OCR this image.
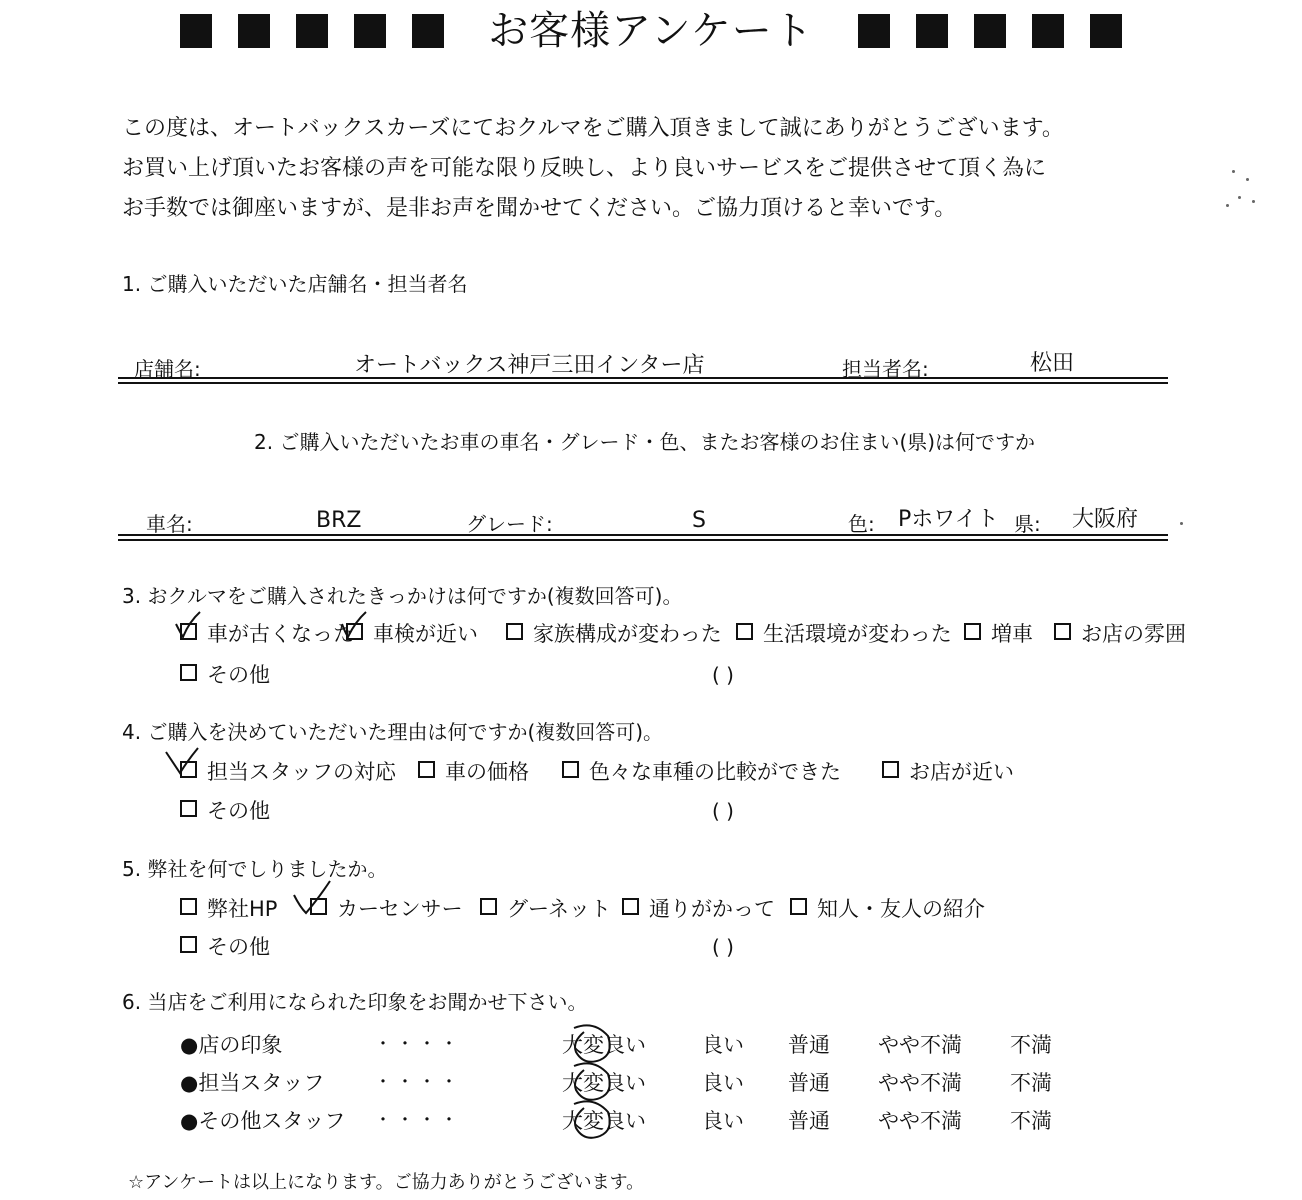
お客様アンケート
この度は、オートバックスカーズにておクルマをご購入頂きまして誠にありがとうございます。
お買い上げ頂いたお客様の声を可能な限り反映し、より良いサービスをご提供させて頂く為に
お手数では御座いますが、是非お声を聞かせてください。ご協力頂けると幸いです。
1. ご購入いただいた店舗名・担当者名
店舗名:	オートバックス神戸三田インター店	担当者名:	松田
2. ご購入いただいたお車の車名・グレード・色、またお客様のお住まい(県)は何ですか
車名:	BRZ	グレード:	S	色: Pホワイト 県: 大阪府
3. おクルマをご購入されたきっかけは何ですか(複数回答可)。
車が古くなった 車検が近い	家族構成が変わった	生活環境が変わった	増車	お店の雰囲
その他	( )
4. ご購入を決めていただいた理由は何ですか(複数回答可)。
担当スタッフの対応	車の価格	色々な車種の比較ができた	お店が近い
その他	( )
5. 弊社を何でしりましたか。
弊社HP	カーセンサー	グーネット	通りがかって	知人・友人の紹介
その他	( )
6. 当店をご利用になられた印象をお聞かせ下さい。
●店の印象	・・・・	大変良い	良い 普通 やや不満 不満
●担当スタッフ	・・・・	大変良い	良い 普通 やや不満 不満
●その他スタッフ ・・・・	大変良い	良い 普通 やや不満 不満
☆アンケートは以上になります。ご協力ありがとうございます。
